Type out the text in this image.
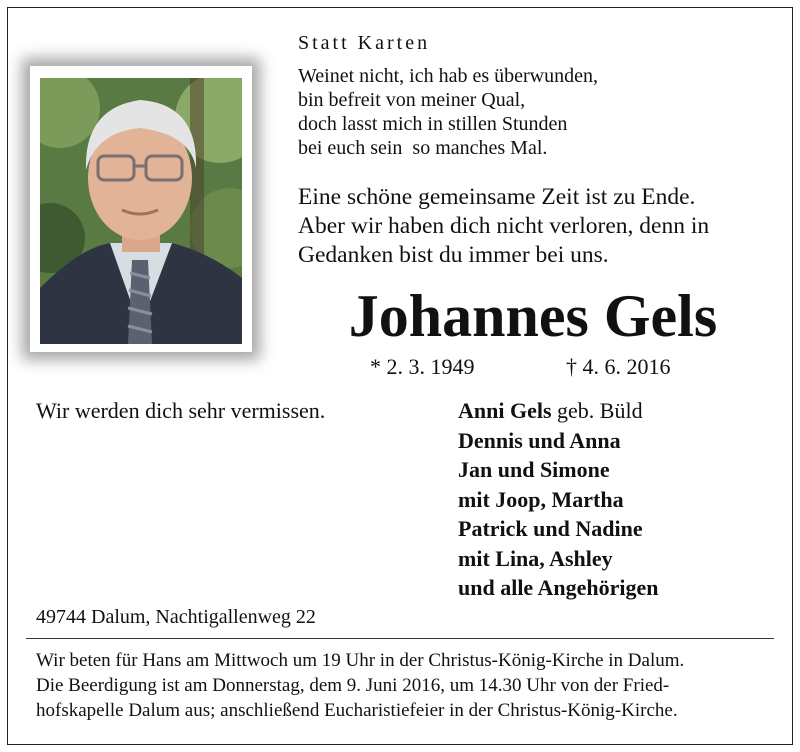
Statt Karten
Weinet nicht, ich hab es überwunden,
bin befreit von meiner Qual,
doch lasst mich in stillen Stunden
bei euch sein  so manches Mal.
Eine schöne gemeinsame Zeit ist zu Ende.
Aber wir haben dich nicht verloren, denn in
Gedanken bist du immer bei uns.
Johannes Gels
* 2. 3. 1949	† 4. 6. 2016
Wir werden dich sehr vermissen.	Anni Gels geb. Büld
Dennis und Anna
Jan und Simone
mit Joop, Martha
Patrick und Nadine
mit Lina, Ashley
und alle Angehörigen
49744 Dalum, Nachtigallenweg 22
Wir beten für Hans am Mittwoch um 19 Uhr in der Christus-König-Kirche in Dalum.
Die Beerdigung ist am Donnerstag, dem 9. Juni 2016, um 14.30 Uhr von der Fried-
hofskapelle Dalum aus; anschließend Eucharistiefeier in der Christus-König-Kirche.
